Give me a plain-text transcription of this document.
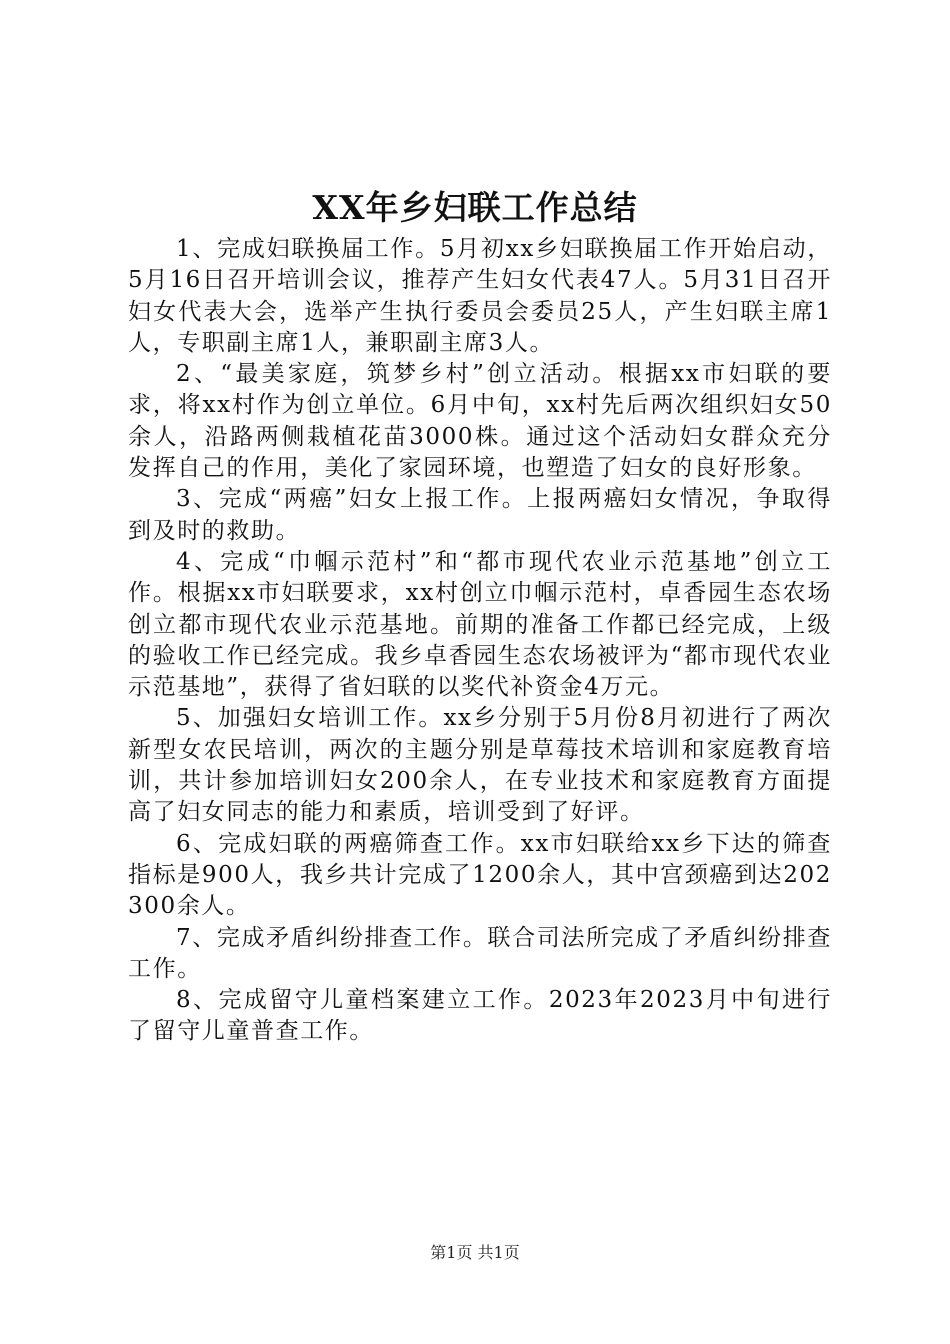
XX年乡妇联工作总结

1、完成妇联换届工作。5月初xx乡妇联换届工作开始启动，5月16日召开培训会议，推荐产生妇女代表47人。5月31日召开妇女代表大会，选举产生执行委员会委员25人，产生妇联主席1人，专职副主席1人，兼职副主席3人。

2、“最美家庭，筑梦乡村”创立活动。根据xx市妇联的要求，将xx村作为创立单位。6月中旬，xx村先后两次组织妇女50余人，沿路两侧栽植花苗3000株。通过这个活动妇女群众充分发挥自己的作用，美化了家园环境，也塑造了妇女的良好形象。

3、完成“两癌”妇女上报工作。上报两癌妇女情况，争取得到及时的救助。

4、完成“巾帼示范村”和“都市现代农业示范基地”创立工作。根据xx市妇联要求，xx村创立巾帼示范村，卓香园生态农场创立都市现代农业示范基地。前期的准备工作都已经完成，上级的验收工作已经完成。我乡卓香园生态农场被评为“都市现代农业示范基地”，获得了省妇联的以奖代补资金4万元。

5、加强妇女培训工作。xx乡分别于5月份8月初进行了两次新型女农民培训，两次的主题分别是草莓技术培训和家庭教育培训，共计参加培训妇女200余人，在专业技术和家庭教育方面提高了妇女同志的能力和素质，培训受到了好评。

6、完成妇联的两癌筛查工作。xx市妇联给xx乡下达的筛查指标是900人，我乡共计完成了1200余人，其中宫颈癌到达202300余人。

7、完成矛盾纠纷排查工作。联合司法所完成了矛盾纠纷排查工作。

8、完成留守儿童档案建立工作。2023年2023月中旬进行了留守儿童普查工作。

第1页 共1页
